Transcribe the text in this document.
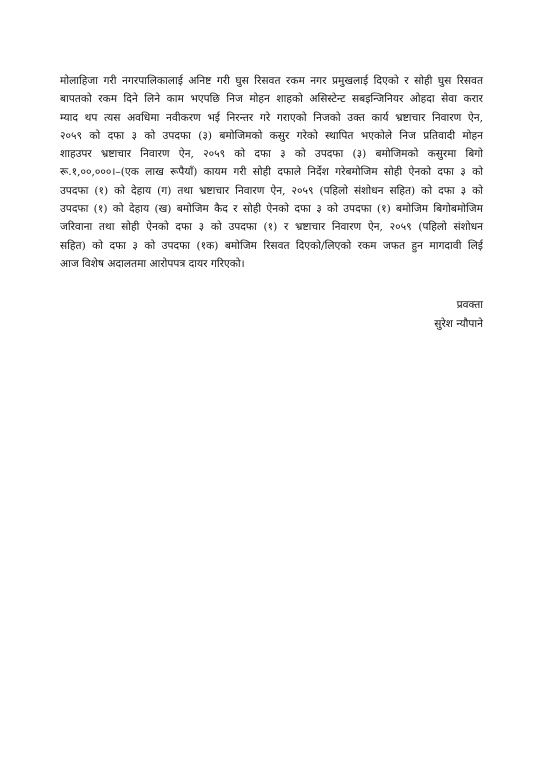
मोलाहिजा गरी नगरपालिकालाई अनिष्ट गरी घुस रिसवत रकम नगर प्रमुखलाई दिएको र सोही घुस रिसवत
बापतको रकम दिने लिने काम भएपछि निज मोहन शाहको असिस्टेन्ट सबइन्जिनियर ओहदा सेवा करार
म्याद थप त्यस अवधिमा नवीकरण भई निरन्तर गरे गराएको निजको उक्त कार्य भ्रष्टाचार निवारण ऐन,
२०५९ को दफा ३ को उपदफा (३) बमोजिमको कसुर गरेको स्थापित भएकोले निज प्रतिवादी मोहन
शाहउपर भ्रष्टाचार निवारण ऐन, २०५९ को दफा ३ को उपदफा (३) बमोजिमको कसुरमा बिगो
रू.१,००,०००।–(एक लाख रूपैयाँ) कायम गरी सोही दफाले निर्देश गरेबमोजिम सोही ऐनको दफा ३ को
उपदफा (१) को देहाय (ग) तथा भ्रष्टाचार निवारण ऐन, २०५९ (पहिलो संशोधन सहित) को दफा ३ को
उपदफा (१) को देहाय (ख) बमोजिम कैद र सोही ऐनको दफा ३ को उपदफा (१) बमोजिम बिगोबमोजिम
जरिवाना तथा सोही ऐनको दफा ३ को उपदफा (१) र भ्रष्टाचार निवारण ऐन, २०५९ (पहिलो संशोधन
सहित) को दफा ३ को उपदफा (१क) बमोजिम रिसवत दिएको/लिएको रकम जफत हुन मागदावी लिई
आज विशेष अदालतमा आरोपपत्र दायर गरिएको।
प्रवक्ता
सुरेश न्यौपाने
